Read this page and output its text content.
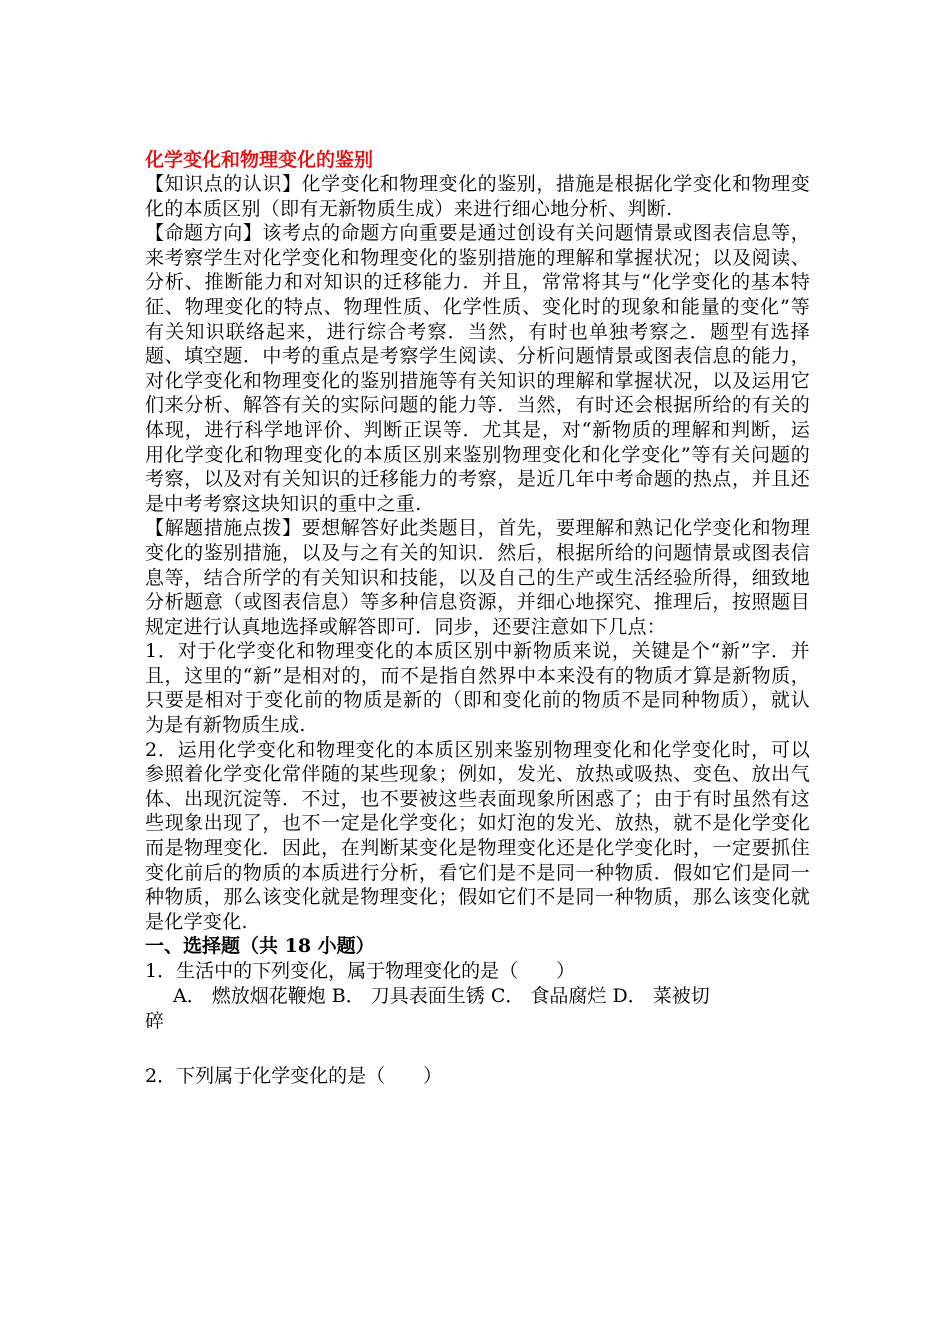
化学变化和物理变化的鉴别

【知识点的认识】化学变化和物理变化的鉴别，措施是根据化学变化和物理变化的本质区别（即有无新物质生成）来进行细心地分析、判断.

【命题方向】该考点的命题方向重要是通过创设有关问题情景或图表信息等，来考察学生对化学变化和物理变化的鉴别措施的理解和掌握状况；以及阅读、分析、推断能力和对知识的迁移能力．并且，常常将其与“化学变化的基本特征、物理变化的特点、物理性质、化学性质、变化时的现象和能量的变化”等有关知识联络起来，进行综合考察．当然，有时也单独考察之．题型有选择题、填空题．中考的重点是考察学生阅读、分析问题情景或图表信息的能力，对化学变化和物理变化的鉴别措施等有关知识的理解和掌握状况，以及运用它们来分析、解答有关的实际问题的能力等．当然，有时还会根据所给的有关的体现，进行科学地评价、判断正误等．尤其是，对“新物质的理解和判断，运用化学变化和物理变化的本质区别来鉴别物理变化和化学变化”等有关问题的考察，以及对有关知识的迁移能力的考察，是近几年中考命题的热点，并且还是中考考察这块知识的重中之重.

【解题措施点拨】要想解答好此类题目，首先，要理解和熟记化学变化和物理变化的鉴别措施，以及与之有关的知识．然后，根据所给的问题情景或图表信息等，结合所学的有关知识和技能，以及自己的生产或生活经验所得，细致地分析题意（或图表信息）等多种信息资源，并细心地探究、推理后，按照题目规定进行认真地选择或解答即可．同步，还要注意如下几点：

1．对于化学变化和物理变化的本质区别中新物质来说，关键是个“新”字．并且，这里的“新”是相对的，而不是指自然界中本来没有的物质才算是新物质，只要是相对于变化前的物质是新的（即和变化前的物质不是同种物质），就认为是有新物质生成.

2．运用化学变化和物理变化的本质区别来鉴别物理变化和化学变化时，可以参照着化学变化常伴随的某些现象；例如，发光、放热或吸热、变色、放出气体、出现沉淀等．不过，也不要被这些表面现象所困惑了；由于有时虽然有这些现象出现了，也不一定是化学变化；如灯泡的发光、放热，就不是化学变化而是物理变化．因此，在判断某变化是物理变化还是化学变化时，一定要抓住变化前后的物质的本质进行分析，看它们是不是同一种物质．假如它们是同一种物质，那么该变化就是物理变化；假如它们不是同一种物质，那么该变化就是化学变化.

一、选择题（共 18 小题）

1．生活中的下列变化，属于物理变化的是（　　）

A． 燃放烟花鞭炮 B． 刀具表面生锈 C． 食品腐烂 D． 菜被切

碎

2．下列属于化学变化的是（　　）
